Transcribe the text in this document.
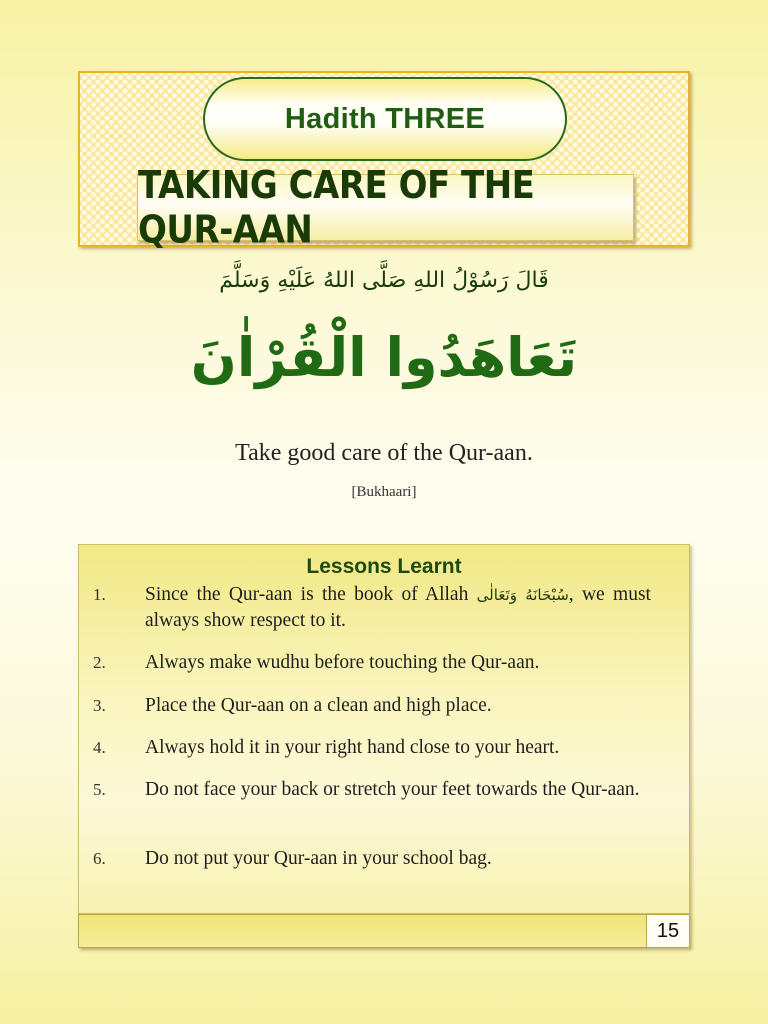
Hadith THREE
TAKING CARE OF THE QUR-AAN
قَالَ رَسُوْلُ اللهِ صَلَّى اللهُ عَلَيْهِ وَسَلَّمَ
تَعَاهَدُوا الْقُرْاٰنَ
Take good care of the Qur-aan.
[Bukhaari]
Lessons Learnt
1. Since the Qur-aan is the book of Allah سُبْحَانَهُ وَتَعَالٰى, we must always show respect to it.
2. Always make wudhu before touching the Qur-aan.
3. Place the Qur-aan on a clean and high place.
4. Always hold it in your right hand close to your heart.
5. Do not face your back or stretch your feet towards the Qur-aan.
6. Do not put your Qur-aan in your school bag.
15
